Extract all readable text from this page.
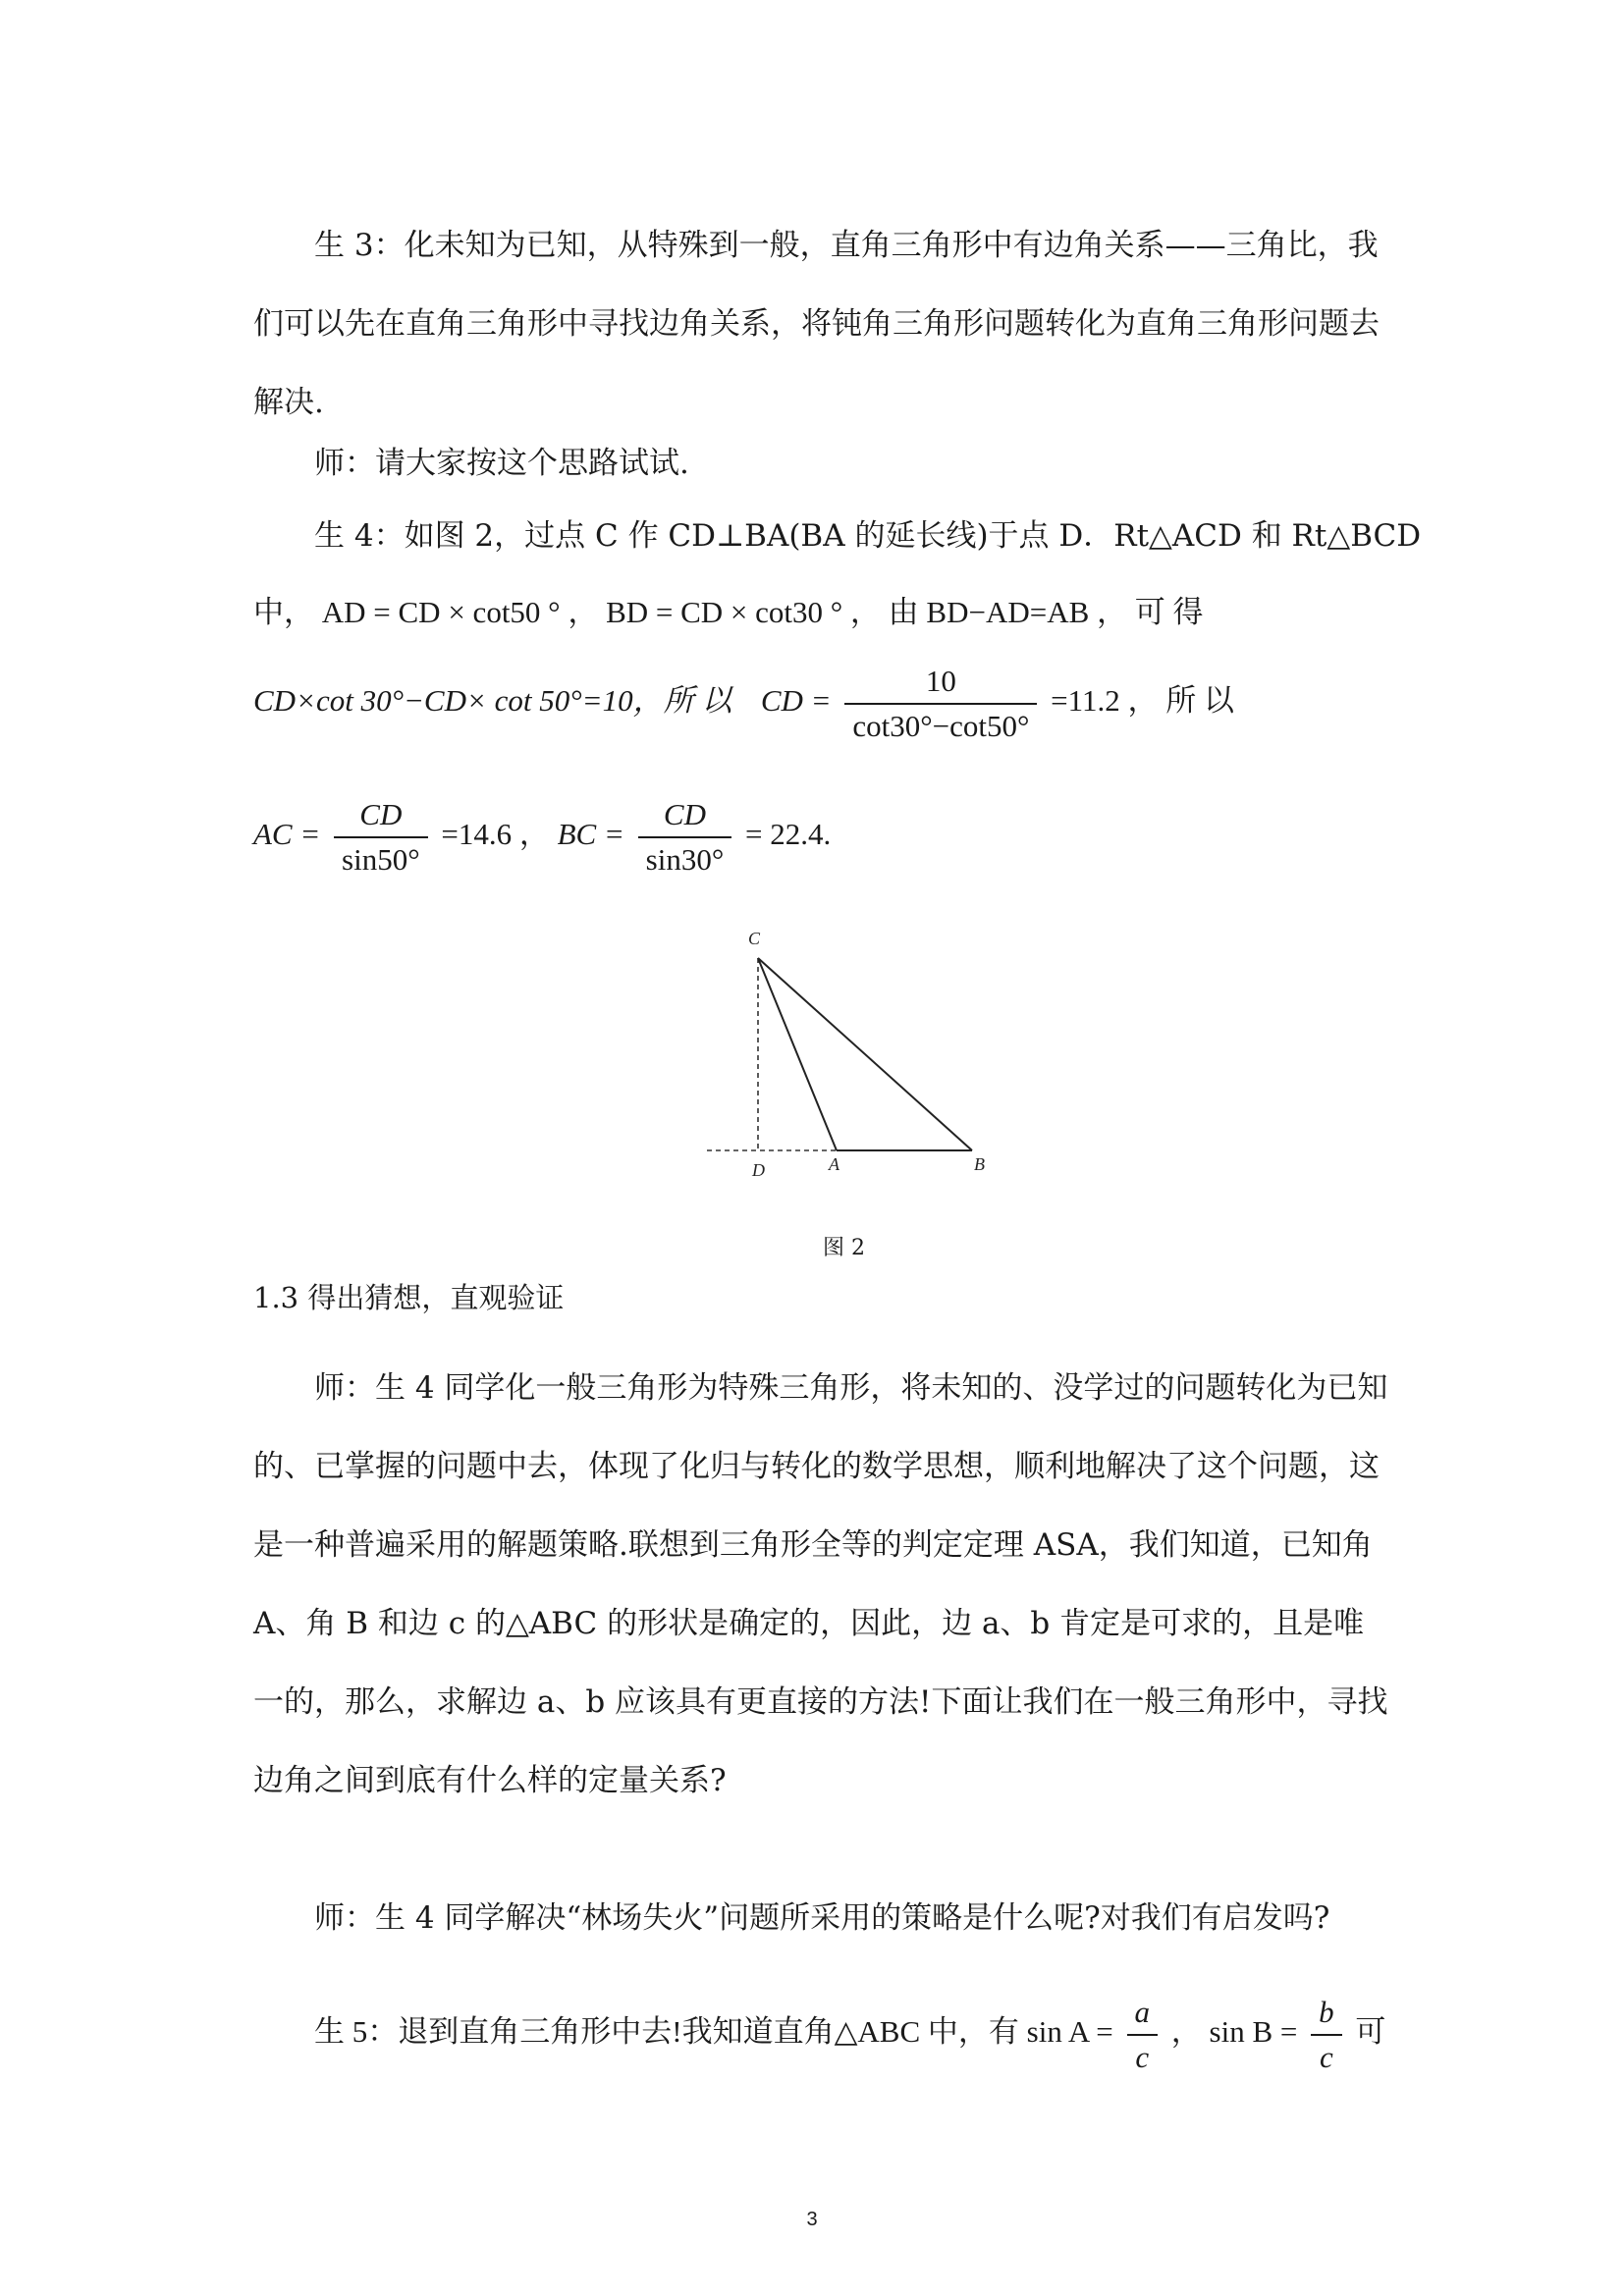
生 3：化未知为已知，从特殊到一般，直角三角形中有边角关系——三角比，我们可以先在直角三角形中寻找边角关系，将钝角三角形问题转化为直角三角形问题去解决.

师：请大家按这个思路试试.

生 4：如图 2，过点 C 作 CD⊥BA(BA 的延长线)于点 D．Rt△ACD 和 Rt△BCD
中， AD = CD × cot50 ° ， BD = CD × cot30 ° ， 由 BD−AD=AB ， 可 得
CD×cot 30°−CD× cot 50°=10，所 以 CD = $\frac{10}{\cot 30^\circ-\cot 50^\circ} =11.2$ ， 所 以
AC = $\frac{CD}{\sin 50^\circ} =14.6$ ， BC = $\frac{CD}{\sin 30^\circ} = 22.4$.
C
D	A	B
图 2
1.3 得出猜想，直观验证

师：生 4 同学化一般三角形为特殊三角形，将未知的、没学过的问题转化为已知的、已掌握的问题中去，体现了化归与转化的数学思想，顺利地解决了这个问题，这是一种普遍采用的解题策略.联想到三角形全等的判定定理 ASA，我们知道，已知角 A、角 B 和边 c 的△ABC 的形状是确定的，因此，边 a、b 肯定是可求的，且是唯一的，那么，求解边 a、b 应该具有更直接的方法!下面让我们在一般三角形中，寻找边角之间到底有什么样的定量关系?

师：生 4 同学解决“林场失火”问题所采用的策略是什么呢?对我们有启发吗?

生 5：退到直角三角形中去!我知道直角△ABC 中，有 $\sin A = \frac{a}{c}$ ， $\sin B = \frac{b}{c}$ 可
3
